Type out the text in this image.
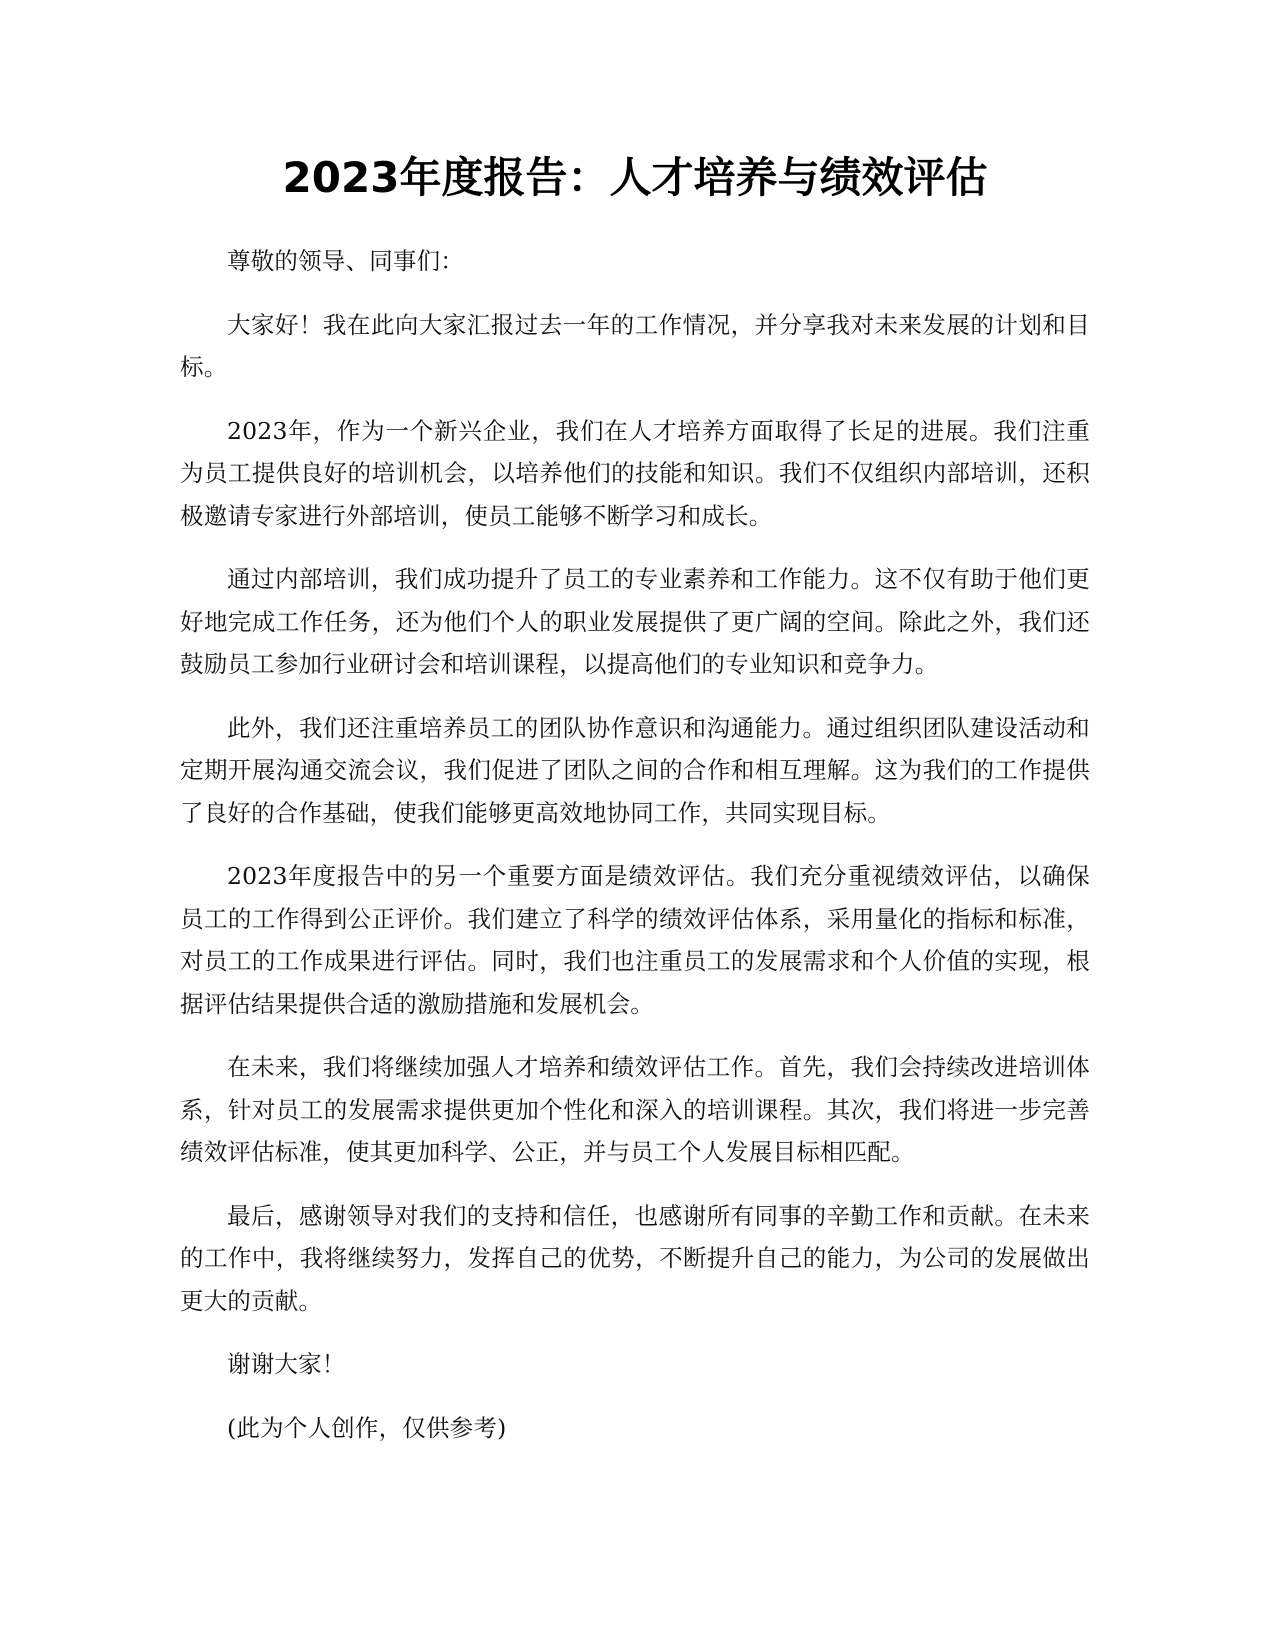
2023年度报告：人才培养与绩效评估

尊敬的领导、同事们：

大家好！我在此向大家汇报过去一年的工作情况，并分享我对未来发展的计划和目标。

2023年，作为一个新兴企业，我们在人才培养方面取得了长足的进展。我们注重为员工提供良好的培训机会，以培养他们的技能和知识。我们不仅组织内部培训，还积极邀请专家进行外部培训，使员工能够不断学习和成长。

通过内部培训，我们成功提升了员工的专业素养和工作能力。这不仅有助于他们更好地完成工作任务，还为他们个人的职业发展提供了更广阔的空间。除此之外，我们还鼓励员工参加行业研讨会和培训课程，以提高他们的专业知识和竞争力。

此外，我们还注重培养员工的团队协作意识和沟通能力。通过组织团队建设活动和定期开展沟通交流会议，我们促进了团队之间的合作和相互理解。这为我们的工作提供了良好的合作基础，使我们能够更高效地协同工作，共同实现目标。

2023年度报告中的另一个重要方面是绩效评估。我们充分重视绩效评估，以确保员工的工作得到公正评价。我们建立了科学的绩效评估体系，采用量化的指标和标准，对员工的工作成果进行评估。同时，我们也注重员工的发展需求和个人价值的实现，根据评估结果提供合适的激励措施和发展机会。

在未来，我们将继续加强人才培养和绩效评估工作。首先，我们会持续改进培训体系，针对员工的发展需求提供更加个性化和深入的培训课程。其次，我们将进一步完善绩效评估标准，使其更加科学、公正，并与员工个人发展目标相匹配。

最后，感谢领导对我们的支持和信任，也感谢所有同事的辛勤工作和贡献。在未来的工作中，我将继续努力，发挥自己的优势，不断提升自己的能力，为公司的发展做出更大的贡献。

谢谢大家！

(此为个人创作，仅供参考)
